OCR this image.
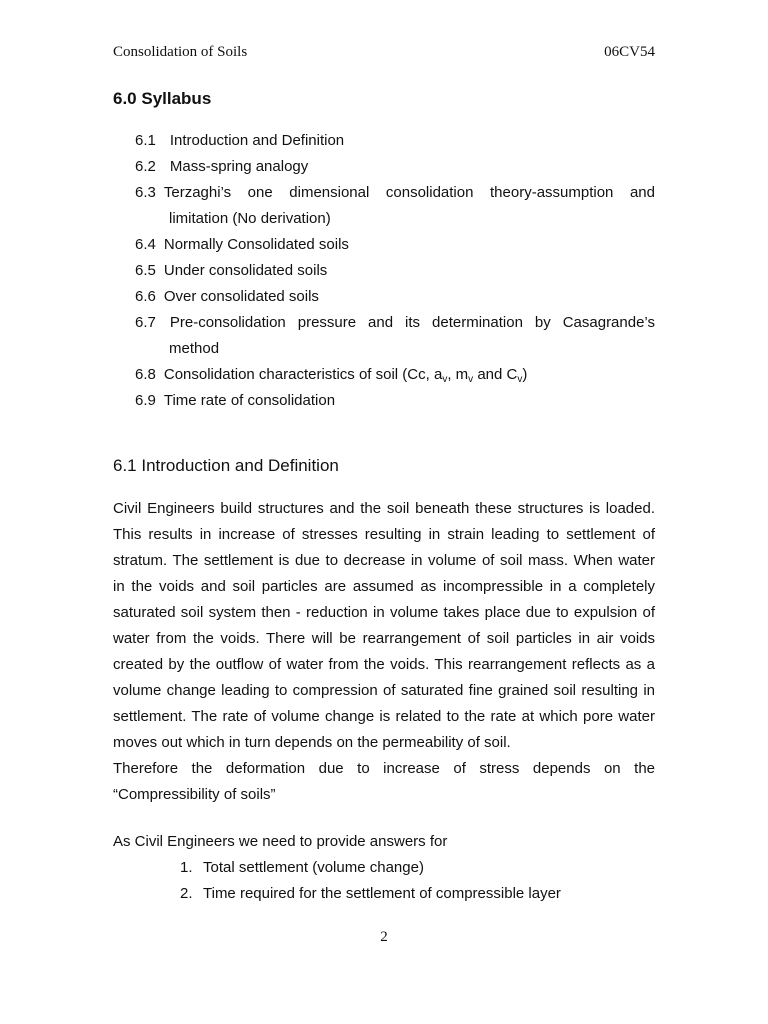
Consolidation of Soils	06CV54
6.0 Syllabus
6.1 Introduction and Definition
6.2 Mass-spring analogy
6.3 Terzaghi’s one dimensional consolidation theory-assumption and
limitation (No derivation)
6.4 Normally Consolidated soils
6.5 Under consolidated soils
6.6 Over consolidated soils
6.7 Pre-consolidation pressure and its determination by Casagrande’s
method
6.8 Consolidation characteristics of soil (Cc, $a_v$, $m_v$ and $C_v$)
6.9 Time rate of consolidation
6.1 Introduction and Definition

Civil Engineers build structures and the soil beneath these structures is loaded.
This results in increase of stresses resulting in strain leading to settlement of
stratum. The settlement is due to decrease in volume of soil mass. When water
in the voids and soil particles are assumed as incompressible in a completely
saturated soil system then - reduction in volume takes place due to expulsion of
water from the voids. There will be rearrangement of soil particles in air voids
created by the outflow of water from the voids. This rearrangement reflects as a
volume change leading to compression of saturated fine grained soil resulting in
settlement. The rate of volume change is related to the rate at which pore water
moves out which in turn depends on the permeability of soil.
Therefore the deformation due to increase of stress depends on the
“Compressibility of soils”

As Civil Engineers we need to provide answers for

1. Total settlement (volume change)
2. Time required for the settlement of compressible layer
2
